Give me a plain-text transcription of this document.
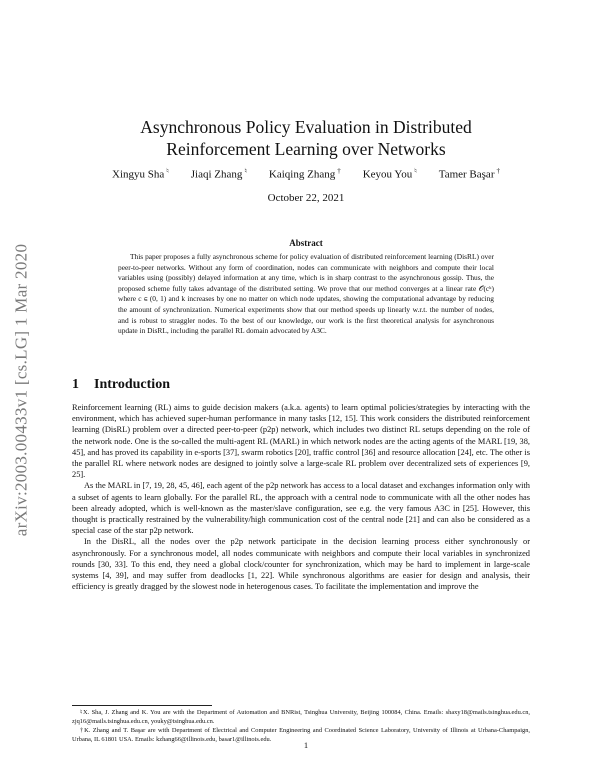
arXiv:2003.00433v1 [cs.LG] 1 Mar 2020
Asynchronous Policy Evaluation in Distributed Reinforcement Learning over Networks
Xingyu Sha ♮ Jiaqi Zhang ♮ Kaiqing Zhang † Keyou You ♮ Tamer Başar †
October 22, 2021
Abstract
This paper proposes a fully asynchronous scheme for policy evaluation of distributed reinforcement learning (DisRL) over peer-to-peer networks. Without any form of coordination, nodes can communicate with neighbors and compute their local variables using (possibly) delayed information at any time, which is in sharp contrast to the asynchronous gossip. Thus, the proposed scheme fully takes advantage of the distributed setting. We prove that our method converges at a linear rate 𝒪(cᵏ) where c ∈ (0, 1) and k increases by one no matter on which node updates, showing the computational advantage by reducing the amount of synchronization. Numerical experiments show that our method speeds up linearly w.r.t. the number of nodes, and is robust to straggler nodes. To the best of our knowledge, our work is the first theoretical analysis for asynchronous update in DisRL, including the parallel RL domain advocated by A3C.
1 Introduction

Reinforcement learning (RL) aims to guide decision makers (a.k.a. agents) to learn optimal policies/strategies by interacting with the environment, which has achieved super-human performance in many tasks [12, 15]. This work considers the distributed reinforcement learning (DisRL) problem over a directed peer-to-peer (p2p) network, which includes two distinct RL setups depending on the role of the network node. One is the so-called the multi-agent RL (MARL) in which network nodes are the acting agents of the MARL [19, 38, 45], and has proved its capability in e-sports [37], swarm robotics [20], traffic control [36] and resource allocation [24], etc. The other is the parallel RL where network nodes are designed to jointly solve a large-scale RL problem over decentralized sets of experiences [9, 25].

As the MARL in [7, 19, 28, 45, 46], each agent of the p2p network has access to a local dataset and exchanges information only with a subset of agents to learn globally. For the parallel RL, the approach with a central node to communicate with all the other nodes has been already adopted, which is well-known as the master/slave configuration, see e.g. the very famous A3C in [25]. However, this thought is practically restrained by the vulnerability/high communication cost of the central node [21] and can also be considered as a special case of the star p2p network.

In the DisRL, all the nodes over the p2p network participate in the decision learning process either synchronously or asynchronously. For a synchronous model, all nodes communicate with neighbors and compute their local variables in synchronized rounds [30, 33]. To this end, they need a global clock/counter for synchronization, which may be hard to implement in large-scale systems [4, 39], and may suffer from deadlocks [1, 22]. While synchronous algorithms are easier for design and analysis, their efficiency is greatly dragged by the slowest node in heterogenous cases. To facilitate the implementation and improve the

♮X. Sha, J. Zhang and K. You are with the Department of Automation and BNRist, Tsinghua University, Beijing 100084, China. Emails: shaxy18@mails.tsinghua.edu.cn, zjq16@mails.tsinghua.edu.cn, youky@tsinghua.edu.cn.

†K. Zhang and T. Başar are with Department of Electrical and Computer Engineering and Coordinated Science Laboratory, University of Illinois at Urbana-Champaign, Urbana, IL 61801 USA. Emails: kzhang66@illinois.edu, basar1@illinois.edu.

1
